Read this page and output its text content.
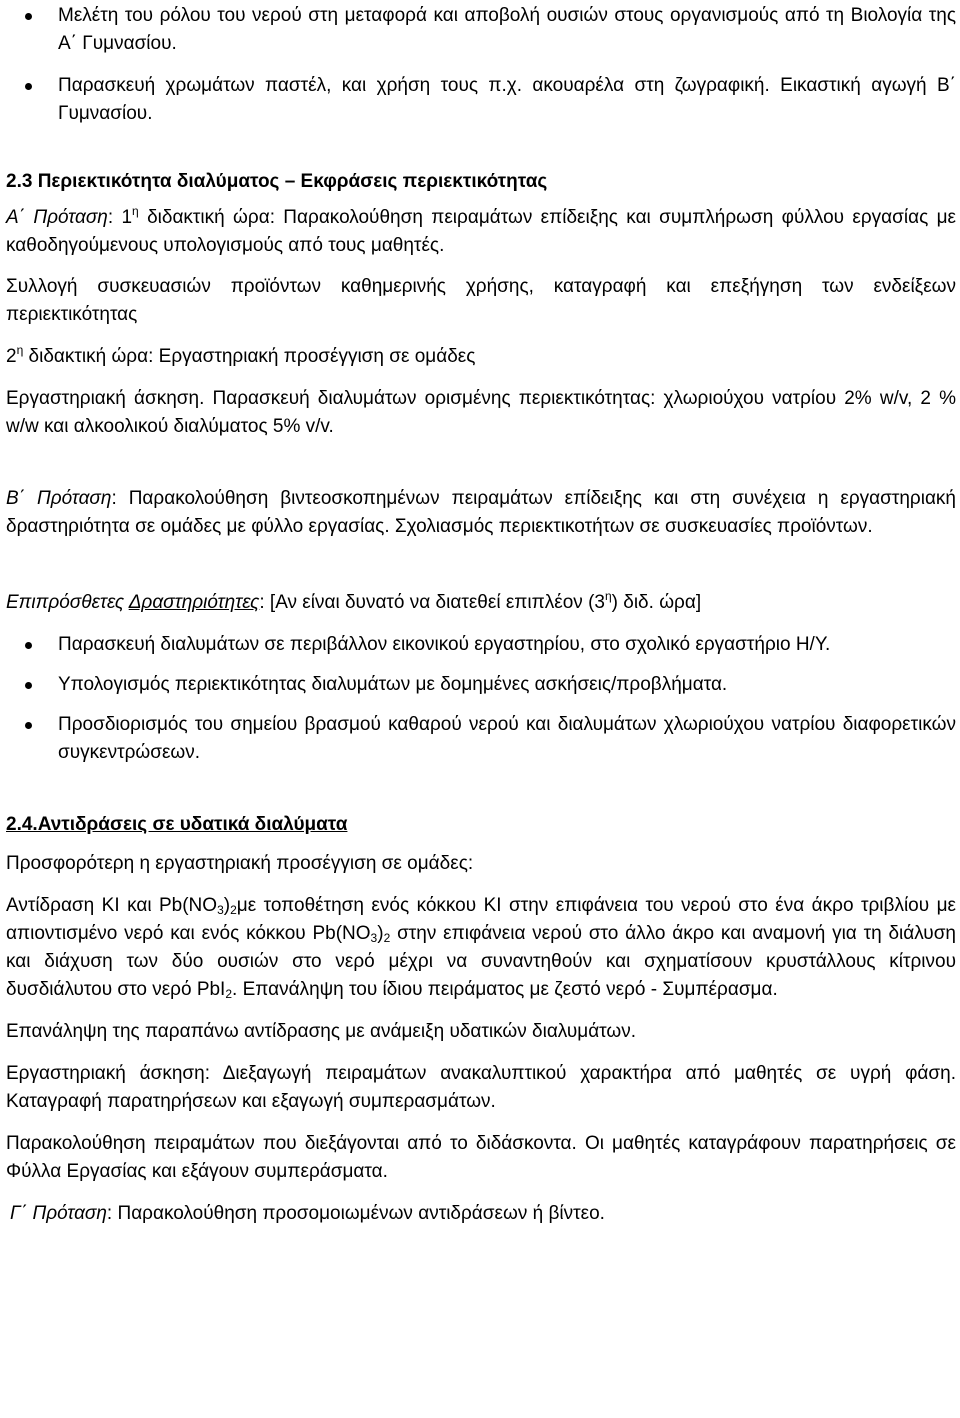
Μελέτη του ρόλου του νερού στη μεταφορά και αποβολή ουσιών στους οργανισμούς από τη Βιολογία της Α΄ Γυμνασίου.
Παρασκευή χρωμάτων παστέλ, και χρήση τους π.χ. ακουαρέλα στη ζωγραφική. Εικαστική αγωγή Β΄ Γυμνασίου.

2.3 Περιεκτικότητα διαλύματος – Εκφράσεις περιεκτικότητας

Α΄ Πρόταση: $1^\eta$ διδακτική ώρα: Παρακολούθηση πειραμάτων επίδειξης και συμπλήρωση φύλλου εργασίας με καθοδηγούμενους υπολογισμούς από τους μαθητές.

Συλλογή συσκευασιών προϊόντων καθημερινής χρήσης, καταγραφή και επεξήγηση των ενδείξεων περιεκτικότητας

$2^\eta$ διδακτική ώρα: Εργαστηριακή προσέγγιση σε ομάδες

Εργαστηριακή άσκηση. Παρασκευή διαλυμάτων ορισμένης περιεκτικότητας: χλωριούχου νατρίου 2% w/v, 2 % w/w και αλκοολικού διαλύματος 5% v/v.

Β΄ Πρόταση: Παρακολούθηση βιντεοσκοπημένων πειραμάτων επίδειξης και στη συνέχεια η εργαστηριακή δραστηριότητα σε ομάδες με φύλλο εργασίας. Σχολιασμός περιεκτικοτήτων σε συσκευασίες προϊόντων.

Επιπρόσθετες Δραστηριότητες: [Αν είναι δυνατό να διατεθεί επιπλέον $(3^\eta)$ διδ. ώρα]

Παρασκευή διαλυμάτων σε περιβάλλον εικονικού εργαστηρίου, στο σχολικό εργαστήριο Η/Υ.
Υπολογισμός περιεκτικότητας διαλυμάτων με δομημένες ασκήσεις/προβλήματα.
Προσδιορισμός του σημείου βρασμού καθαρού νερού και διαλυμάτων χλωριούχου νατρίου διαφορετικών συγκεντρώσεων.

2.4.Αντιδράσεις σε υδατικά διαλύματα

Προσφορότερη η εργαστηριακή προσέγγιση σε ομάδες:

Αντίδραση KI και $Pb(NO_3)_2\mu\varepsilon$ τοποθέτηση ενός κόκκου KI στην επιφάνεια του νερού στο ένα άκρο τριβλίου με απιοντισμένο νερό και ενός κόκκου $Pb(NO_3)_2$ στην επιφάνεια νερού στο άλλο άκρο και αναμονή για τη διάλυση και διάχυση των δύο ουσιών στο νερό μέχρι να συναντηθούν και σχηματίσουν κρυστάλλους κίτρινου δυσδιάλυτου στο νερό PbI$_2$. Επανάληψη του ίδιου πειράματος με ζεστό νερό - Συμπέρασμα.

Επανάληψη της παραπάνω αντίδρασης με ανάμειξη υδατικών διαλυμάτων.

Εργαστηριακή άσκηση: Διεξαγωγή πειραμάτων ανακαλυπτικού χαρακτήρα από μαθητές σε υγρή φάση. Καταγραφή παρατηρήσεων και εξαγωγή συμπερασμάτων.

Παρακολούθηση πειραμάτων που διεξάγονται από το διδάσκοντα. Οι μαθητές καταγράφουν παρατηρήσεις σε Φύλλα Εργασίας και εξάγουν συμπεράσματα.

Γ΄ Πρόταση: Παρακολούθηση προσομοιωμένων αντιδράσεων ή βίντεο.
